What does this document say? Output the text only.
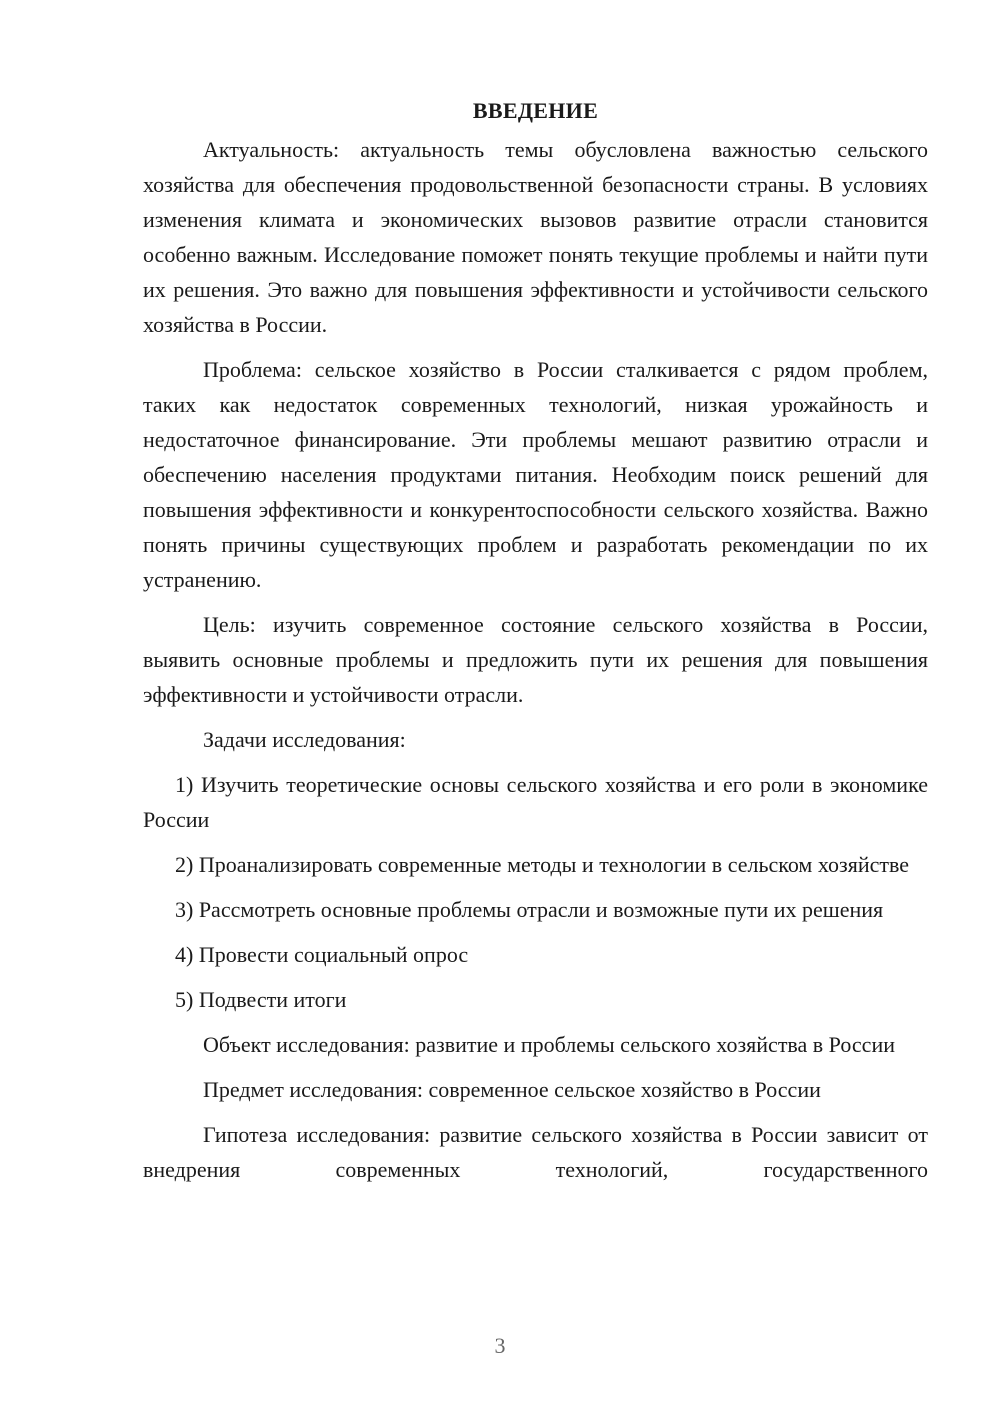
ВВЕДЕНИЕ

Актуальность: актуальность темы обусловлена важностью сельского хозяйства для обеспечения продовольственной безопасности страны. В условиях изменения климата и экономических вызовов развитие отрасли становится особенно важным. Исследование поможет понять текущие проблемы и найти пути их решения. Это важно для повышения эффективности и устойчивости сельского хозяйства в России.

Проблема: сельское хозяйство в России сталкивается с рядом проблем, таких как недостаток современных технологий, низкая урожайность и недостаточное финансирование. Эти проблемы мешают развитию отрасли и обеспечению населения продуктами питания. Необходим поиск решений для повышения эффективности и конкурентоспособности сельского хозяйства. Важно понять причины существующих проблем и разработать рекомендации по их устранению.

Цель: изучить современное состояние сельского хозяйства в России, выявить основные проблемы и предложить пути их решения для повышения эффективности и устойчивости отрасли.

Задачи исследования:

1) Изучить теоретические основы сельского хозяйства и его роли в экономике России

2) Проанализировать современные методы и технологии в сельском хозяйстве

3) Рассмотреть основные проблемы отрасли и возможные пути их решения

4) Провести социальный опрос

5) Подвести итоги

Объект исследования: развитие и проблемы сельского хозяйства в России

Предмет исследования: современное сельское хозяйство в России

Гипотеза исследования: развитие сельского хозяйства в России зависит от внедрения современных технологий, государственного

3
